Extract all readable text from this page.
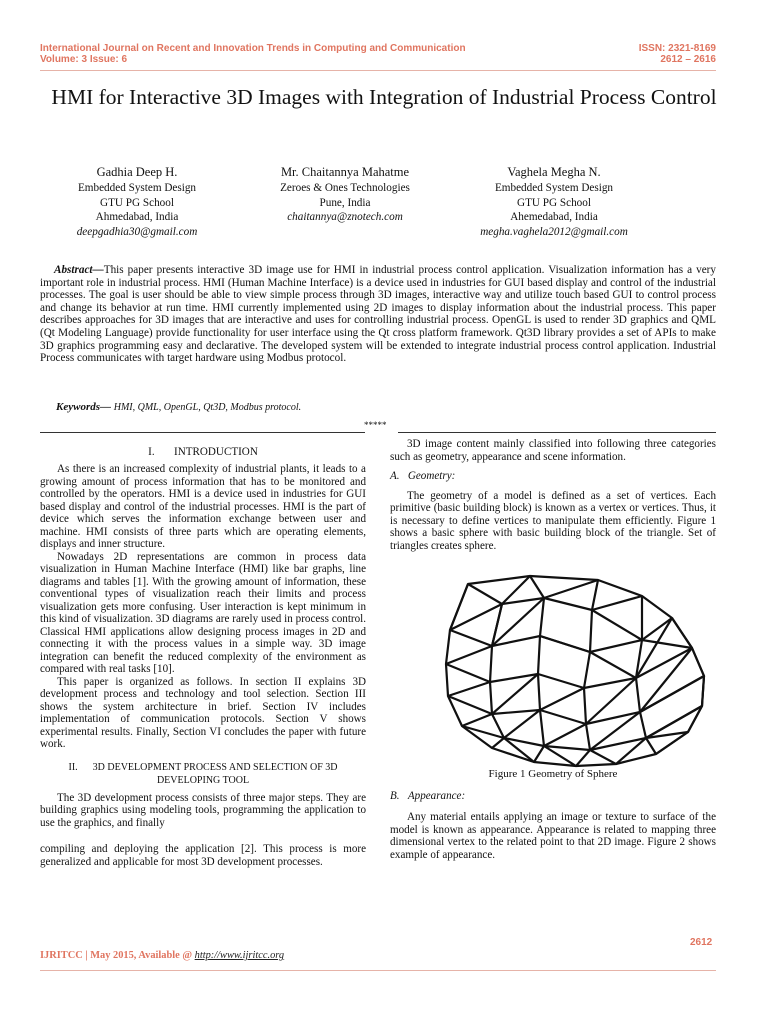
International Journal on Recent and Innovation Trends in Computing and Communication
Volume: 3 Issue: 6
ISSN: 2321-8169
2612 – 2616
HMI for Interactive 3D Images with Integration of Industrial Process Control
Gadhia Deep H.
Embedded System Design
GTU PG School
Ahmedabad, India
deepgadhia30@gmail.com
Mr. Chaitannya Mahatme
Zeroes & Ones Technologies
Pune, India
chaitannya@znotech.com
Vaghela Megha N.
Embedded System Design
GTU PG School
Ahemedabad, India
megha.vaghela2012@gmail.com
Abstract—This paper presents interactive 3D image use for HMI in industrial process control application. Visualization information has a very important role in industrial process. HMI (Human Machine Interface) is a device used in industries for GUI based display and control of the industrial processes. The goal is user should be able to view simple process through 3D images, interactive way and utilize touch based GUI to control process and change its behavior at run time. HMI currently implemented using 2D images to display information about the industrial process. This paper describes approaches for 3D images that are interactive and uses for controlling industrial process. OpenGL is used to render 3D graphics and QML (Qt Modeling Language) provide functionality for user interface using the Qt cross platform framework. Qt3D library provides a set of APIs to make 3D graphics programming easy and declarative. The developed system will be extended to integrate industrial process control application. Industrial Process communicates with target hardware using Modbus protocol.
Keywords— HMI, QML, OpenGL, Qt3D, Modbus protocol.
*****
I.       INTRODUCTION

As there is an increased complexity of industrial plants, it leads to a growing amount of process information that has to be monitored and controlled by the operators. HMI is a device used in industries for GUI based display and control of the industrial processes. HMI is the part of device which serves the information exchange between user and machine. HMI consists of three parts which are operating elements, displays and inner structure.

Nowadays 2D representations are common in process data visualization in Human Machine Interface (HMI) like bar graphs, line diagrams and tables [1]. With the growing amount of information, these conventional types of visualization reach their limits and process visualization gets more confusing. User interaction is kept minimum in this kind of visualization. 3D diagrams are rarely used in process control. Classical HMI applications allow designing process images in 2D and connecting it with the process values in a simple way. 3D image integration can benefit the reduced complexity of the environment as compared with real tasks [10].

This paper is organized as follows. In section II explains 3D development process and technology and tool selection. Section III shows the system architecture in brief. Section IV includes implementation of communication protocols. Section V shows experimental results. Finally, Section VI concludes the paper with future work.

II.      3D DEVELOPMENT PROCESS AND SELECTION OF 3D
DEVELOPING TOOL

The 3D development process consists of three major steps. They are building graphics using modeling tools, programming the application to use the graphics, and finally

compiling and deploying the application [2]. This process is more generalized and applicable for most 3D development processes.

3D image content mainly classified into following three categories such as geometry, appearance and scene information.

A.   Geometry:

The geometry of a model is defined as a set of vertices. Each primitive (basic building block) is known as a vertex or vertices. Thus, it is necessary to define vertices to manipulate them efficiently. Figure 1 shows a basic sphere with basic building block of the triangle. Set of triangles creates sphere.

Figure 1 Geometry of Sphere
B.   Appearance:

Any material entails applying an image or texture to surface of the model is known as appearance. Appearance is related to mapping three dimensional vertex to the related point to that 2D image. Figure 2 shows example of appearance.

2612
IJRITCC | May 2015, Available @ http://www.ijritcc.org
